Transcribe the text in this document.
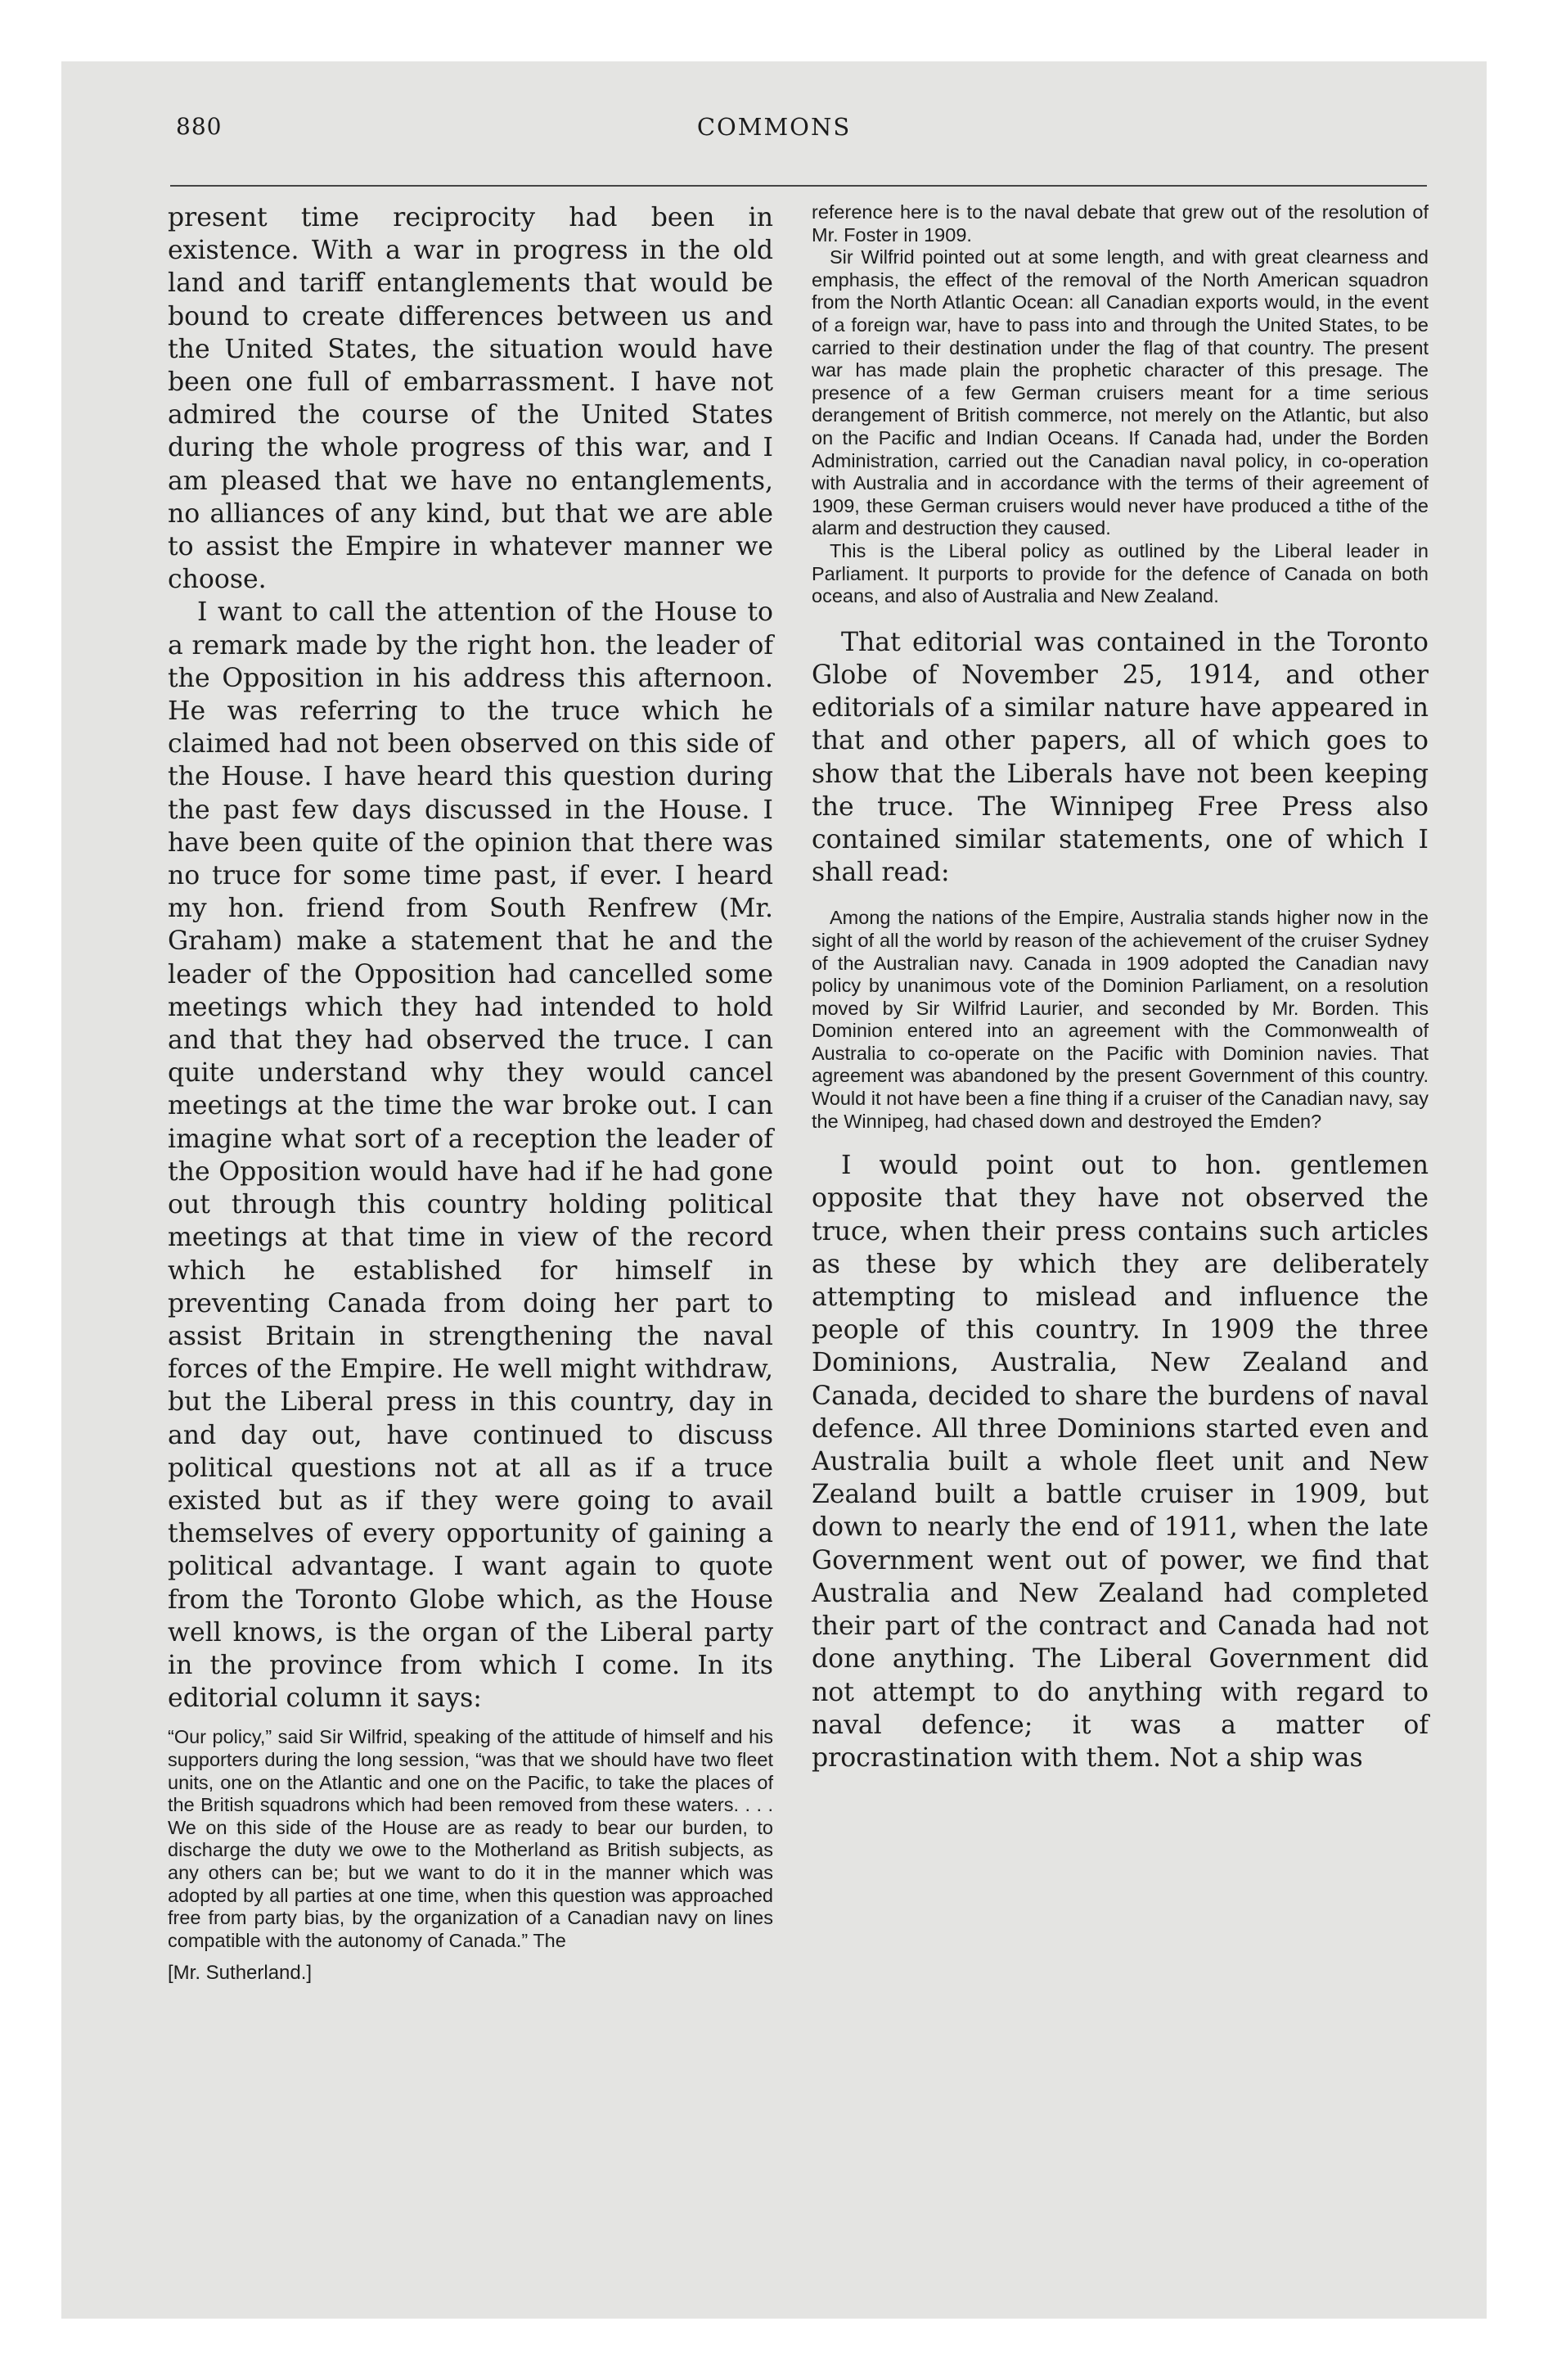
880	COMMONS

present time reciprocity had been in existence. With a war in progress in the old land and tariff entanglements that would be bound to create differences between us and the United States, the situation would have been one full of embarrassment. I have not admired the course of the United States during the whole progress of this war, and I am pleased that we have no entanglements, no alliances of any kind, but that we are able to assist the Empire in whatever manner we choose.

I want to call the attention of the House to a remark made by the right hon. the leader of the Opposition in his address this afternoon. He was referring to the truce which he claimed had not been observed on this side of the House. I have heard this question during the past few days discussed in the House. I have been quite of the opinion that there was no truce for some time past, if ever. I heard my hon. friend from South Renfrew (Mr. Graham) make a statement that he and the leader of the Opposition had cancelled some meetings which they had intended to hold and that they had observed the truce. I can quite understand why they would cancel meetings at the time the war broke out. I can imagine what sort of a reception the leader of the Opposition would have had if he had gone out through this country holding political meetings at that time in view of the record which he established for himself in preventing Canada from doing her part to assist Britain in strengthening the naval forces of the Empire. He well might withdraw, but the Liberal press in this country, day in and day out, have continued to discuss political questions not at all as if a truce existed but as if they were going to avail themselves of every opportunity of gaining a political advantage. I want again to quote from the Toronto Globe which, as the House well knows, is the organ of the Liberal party in the province from which I come. In its editorial column it says:

“Our policy,” said Sir Wilfrid, speaking of the attitude of himself and his supporters during the long session, “was that we should have two fleet units, one on the Atlantic and one on the Pacific, to take the places of the British squadrons which had been removed from these waters. . . . We on this side of the House are as ready to bear our burden, to discharge the duty we owe to the Motherland as British subjects, as any others can be; but we want to do it in the manner which was adopted by all parties at one time, when this question was approached free from party bias, by the organization of a Canadian navy on lines compatible with the autonomy of Canada.” The

[Mr. Sutherland.]

reference here is to the naval debate that grew out of the resolution of Mr. Foster in 1909.

Sir Wilfrid pointed out at some length, and with great clearness and emphasis, the effect of the removal of the North American squadron from the North Atlantic Ocean: all Canadian exports would, in the event of a foreign war, have to pass into and through the United States, to be carried to their destination under the flag of that country. The present war has made plain the prophetic character of this presage. The presence of a few German cruisers meant for a time serious derangement of British commerce, not merely on the Atlantic, but also on the Pacific and Indian Oceans. If Canada had, under the Borden Administration, carried out the Canadian naval policy, in co-operation with Australia and in accordance with the terms of their agreement of 1909, these German cruisers would never have produced a tithe of the alarm and destruction they caused.

This is the Liberal policy as outlined by the Liberal leader in Parliament. It purports to provide for the defence of Canada on both oceans, and also of Australia and New Zealand.

That editorial was contained in the Toronto Globe of November 25, 1914, and other editorials of a similar nature have appeared in that and other papers, all of which goes to show that the Liberals have not been keeping the truce. The Winnipeg Free Press also contained similar statements, one of which I shall read:

Among the nations of the Empire, Australia stands higher now in the sight of all the world by reason of the achievement of the cruiser Sydney of the Australian navy. Canada in 1909 adopted the Canadian navy policy by unanimous vote of the Dominion Parliament, on a resolution moved by Sir Wilfrid Laurier, and seconded by Mr. Borden. This Dominion entered into an agreement with the Commonwealth of Australia to co-operate on the Pacific with Dominion navies. That agreement was abandoned by the present Government of this country. Would it not have been a fine thing if a cruiser of the Canadian navy, say the Winnipeg, had chased down and destroyed the Emden?

I would point out to hon. gentlemen opposite that they have not observed the truce, when their press contains such articles as these by which they are deliberately attempting to mislead and influence the people of this country. In 1909 the three Dominions, Australia, New Zealand and Canada, decided to share the burdens of naval defence. All three Dominions started even and Australia built a whole fleet unit and New Zealand built a battle cruiser in 1909, but down to nearly the end of 1911, when the late Government went out of power, we find that Australia and New Zealand had completed their part of the contract and Canada had not done anything. The Liberal Government did not attempt to do anything with regard to naval defence; it was a matter of procrastination with them. Not a ship was
